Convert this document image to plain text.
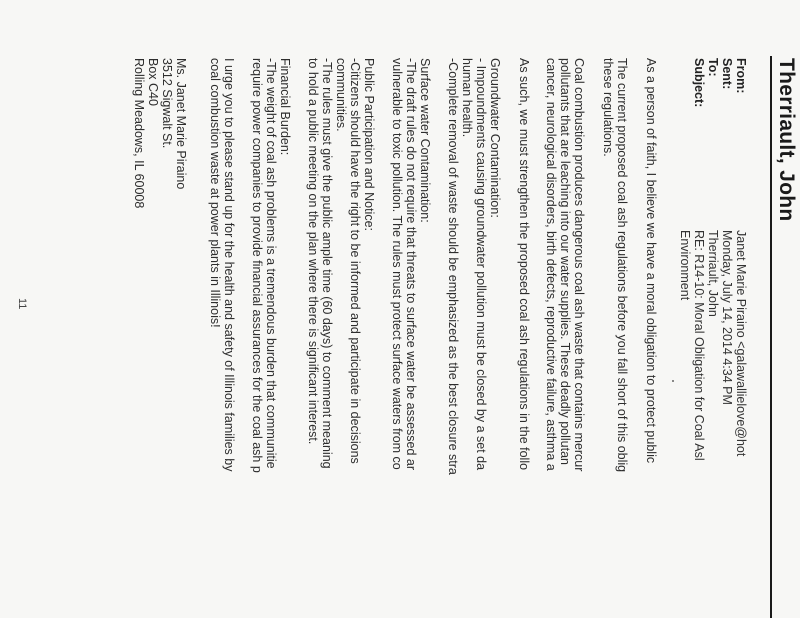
Therriault, John
From:
Sent:
To:
Subject:
Janet Marie Piraino <galawallielove@hot
Monday, July 14, 2014 4:34 PM
Therriault, John
RE: R14-10: Moral Obligation for Coal Asl
Environment
As a person of faith, I believe we have a moral obligation to protect public
The current proposed coal ash regulations before you fall short of this oblig
these regulations.
Coal combustion produces dangerous coal ash waste that contains mercur
pollutants that are leaching into our water supplies. These deadly pollutan
cancer, neurological disorders, birth defects, reproductive failure, asthma a
As such, we must strengthen the proposed coal ash regulations in the follo
Groundwater Contamination:
- Impoundments causing groundwater pollution must be closed by a set da
human health.
-Complete removal of waste should be emphasized as the best closure stra
Surface water Contamination:
-The draft rules do not require that threats to surface water be assessed ar
vulnerable to toxic pollution. The rules must protect surface waters from co
Public Participation and Notice:
-Citizens should have the right to be informed and participate in decisions
communities.
-The rules must give the public ample time (60 days) to comment meaning
to hold a public meeting on the plan where there is significant interest.
Financial Burden:
-The weight of coal ash problems is a tremendous burden that communitie
require power companies to provide financial assurances for the coal ash p
I urge you to please stand up for the health and safety of Illinois families by
coal combustion waste at power plants in Illinois!
Ms. Janet Marie Piraino
3512 Sigwalt St.
Box C40
Rolling Meadows, IL 60008
11
